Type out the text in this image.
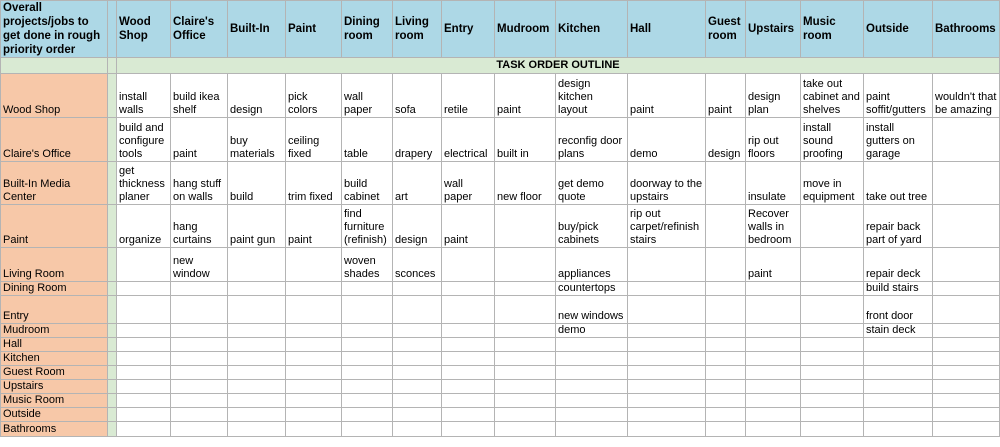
Overall projects/jobs to get done in rough priority order		Wood Shop	Claire's Office	Built-In	Paint	Dining room	Living room	Entry	Mudroom	Kitchen	Hall	Guest room	Upstairs	Music room	Outside	Bathrooms
		TASK ORDER OUTLINE														
Wood Shop		install walls	build ikea shelf	design	pick colors	wall paper	sofa	retile	paint	design kitchen layout	paint	paint	design plan	take out cabinet and shelves	paint soffit/gutters	wouldn't that be amazing
Claire's Office		build and configure tools	paint	buy materials	ceiling fixed	table	drapery	electrical	built in	reconfig door plans	demo	design	rip out floors	install sound proofing	install gutters on garage	
Built-In Media Center		get thickness planer	hang stuff on walls	build	trim fixed	build cabinet	art	wall paper	new floor	get demo quote	doorway to the upstairs		insulate	move in equipment	take out tree	
Paint		organize	hang curtains	paint gun	paint	find furniture (refinish)	design	paint		buy/pick cabinets	rip out carpet/refinish stairs		Recover walls in bedroom		repair back part of yard	
Living Room			new window			woven shades	sconces			appliances			paint		repair deck	
Dining Room										countertops					build stairs	
Entry										new windows					front door	
Mudroom										demo					stain deck	
Hall																
Kitchen																
Guest Room																
Upstairs																
Music Room																
Outside																
Bathrooms																
